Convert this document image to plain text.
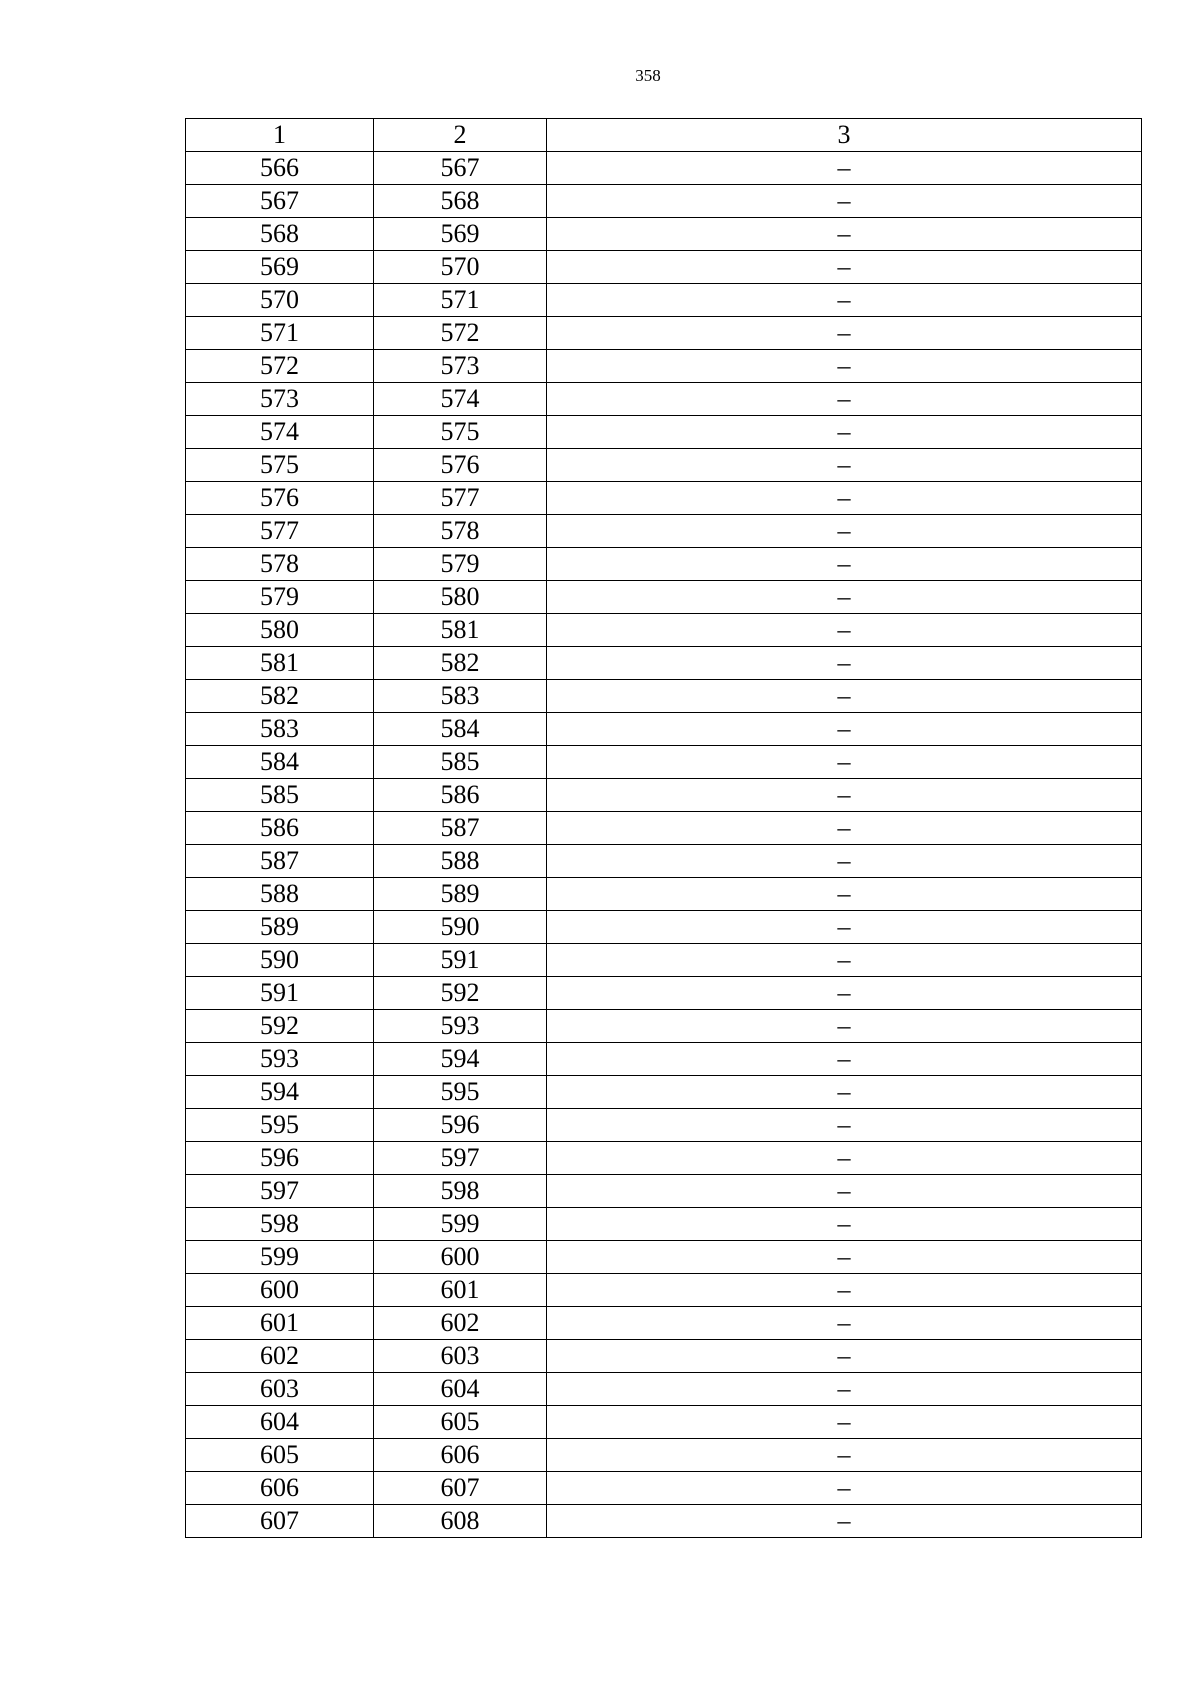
358
1	2	3
566	567	–
567	568	–
568	569	–
569	570	–
570	571	–
571	572	–
572	573	–
573	574	–
574	575	–
575	576	–
576	577	–
577	578	–
578	579	–
579	580	–
580	581	–
581	582	–
582	583	–
583	584	–
584	585	–
585	586	–
586	587	–
587	588	–
588	589	–
589	590	–
590	591	–
591	592	–
592	593	–
593	594	–
594	595	–
595	596	–
596	597	–
597	598	–
598	599	–
599	600	–
600	601	–
601	602	–
602	603	–
603	604	–
604	605	–
605	606	–
606	607	–
607	608	–
